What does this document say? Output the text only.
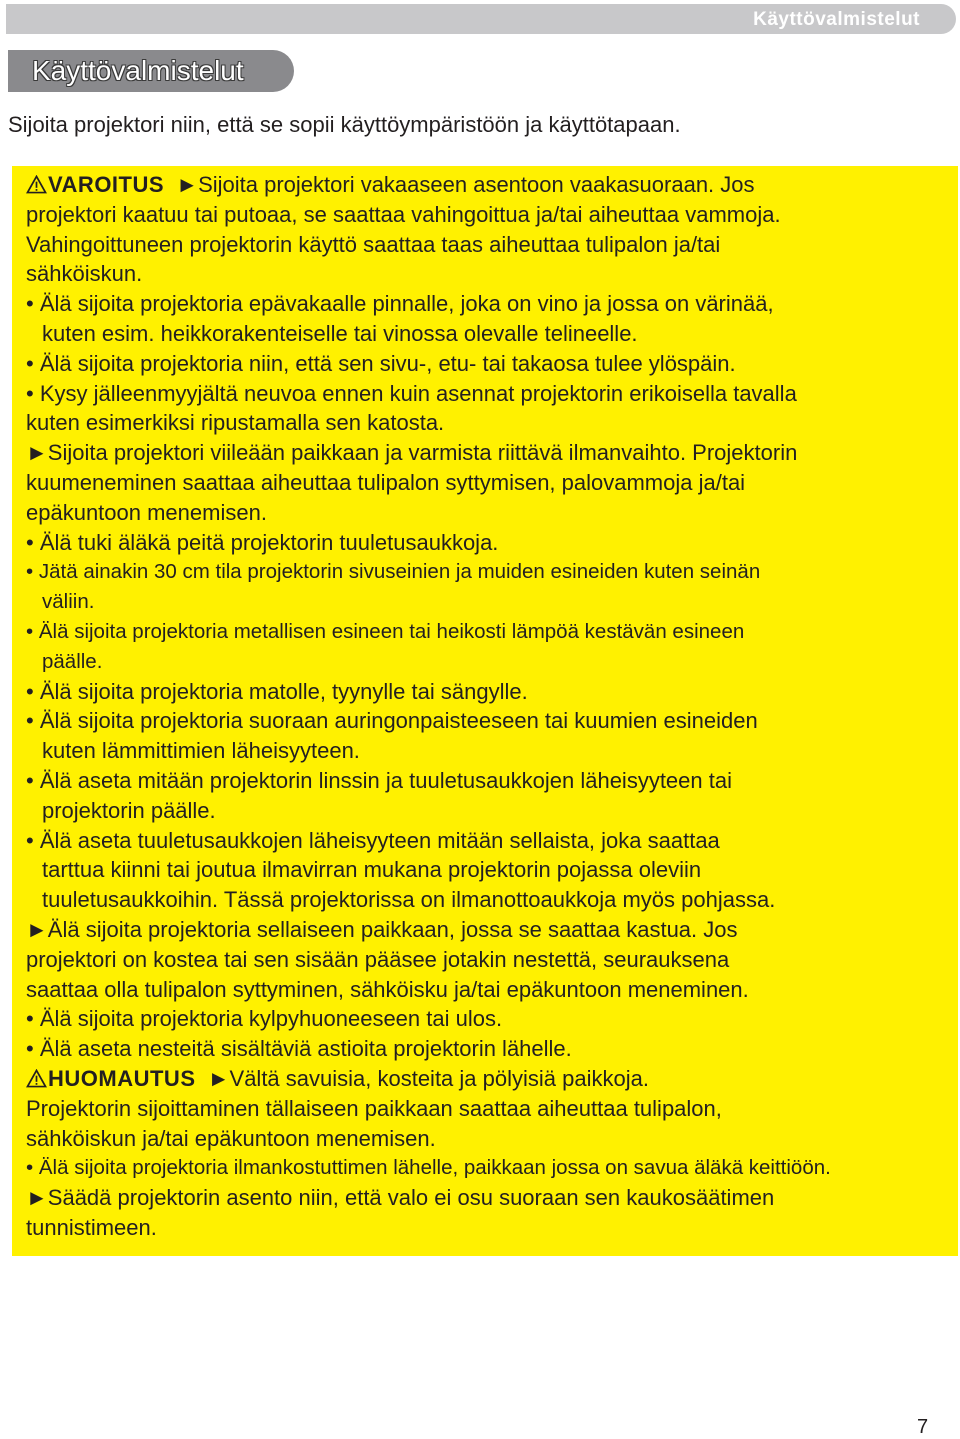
Käyttövalmistelut
Käyttövalmistelut
Sijoita projektori niin, että se sopii käyttöympäristöön ja käyttötapaan.
VAROITUS ►Sijoita projektori vakaaseen asentoon vaakasuoraan. Jos
projektori kaatuu tai putoaa, se saattaa vahingoittua ja/tai aiheuttaa vammoja.
Vahingoittuneen projektorin käyttö saattaa taas aiheuttaa tulipalon ja/tai
sähköiskun.
• Älä sijoita projektoria epävakaalle pinnalle, joka on vino ja jossa on värinää,
kuten esim. heikkorakenteiselle tai vinossa olevalle telineelle.
• Älä sijoita projektoria niin, että sen sivu-, etu- tai takaosa tulee ylöspäin.
• Kysy jälleenmyyjältä neuvoa ennen kuin asennat projektorin erikoisella tavalla
kuten esimerkiksi ripustamalla sen katosta.
►Sijoita projektori viileään paikkaan ja varmista riittävä ilmanvaihto. Projektorin
kuumeneminen saattaa aiheuttaa tulipalon syttymisen, palovammoja ja/tai
epäkuntoon menemisen.
• Älä tuki äläkä peitä projektorin tuuletusaukkoja.
• Jätä ainakin 30 cm tila projektorin sivuseinien ja muiden esineiden kuten seinän
väliin.
• Älä sijoita projektoria metallisen esineen tai heikosti lämpöä kestävän esineen
päälle.
• Älä sijoita projektoria matolle, tyynylle tai sängylle.
• Älä sijoita projektoria suoraan auringonpaisteeseen tai kuumien esineiden
kuten lämmittimien läheisyyteen.
• Älä aseta mitään projektorin linssin ja tuuletusaukkojen läheisyyteen tai
projektorin päälle.
• Älä aseta tuuletusaukkojen läheisyyteen mitään sellaista, joka saattaa
tarttua kiinni tai joutua ilmavirran mukana projektorin pojassa oleviin
tuuletusaukkoihin. Tässä projektorissa on ilmanottoaukkoja myös pohjassa.
►Älä sijoita projektoria sellaiseen paikkaan, jossa se saattaa kastua. Jos
projektori on kostea tai sen sisään pääsee jotakin nestettä, seurauksena
saattaa olla tulipalon syttyminen, sähköisku ja/tai epäkuntoon meneminen.
• Älä sijoita projektoria kylpyhuoneeseen tai ulos.
• Älä aseta nesteitä sisältäviä astioita projektorin lähelle.
HUOMAUTUS ►Vältä savuisia, kosteita ja pölyisiä paikkoja.
Projektorin sijoittaminen tällaiseen paikkaan saattaa aiheuttaa tulipalon,
sähköiskun ja/tai epäkuntoon menemisen.
• Älä sijoita projektoria ilmankostuttimen lähelle, paikkaan jossa on savua äläkä keittiöön.
►Säädä projektorin asento niin, että valo ei osu suoraan sen kaukosäätimen
tunnistimeen.
7
